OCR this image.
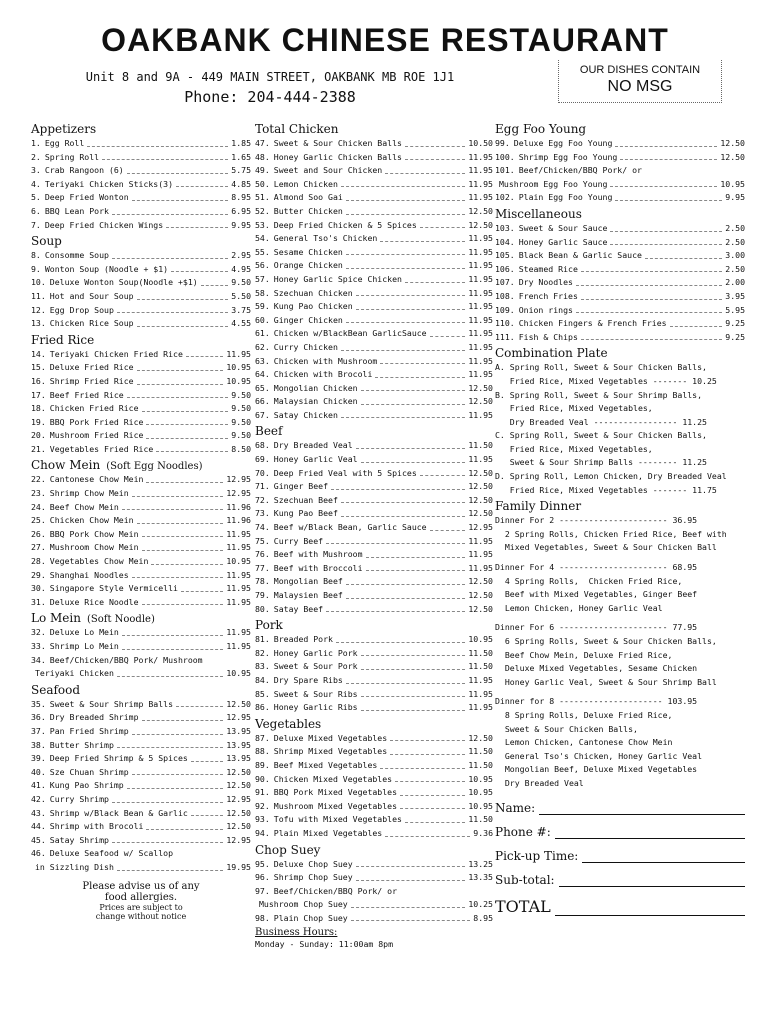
OAKBANK CHINESE RESTAURANT
Unit 8 and 9A - 449 MAIN STREET, OAKBANK MB ROE 1J1
Phone: 204-444-2388
OUR DISHES CONTAIN
NO MSG
Appetizers
1. Egg Roll	1.85
2. Spring Roll	1.65
3. Crab Rangoon (6)	5.75
4. Teriyaki Chicken Sticks(3)	4.85
5. Deep Fried Wonton	8.95
6. BBQ Lean Pork	6.95
7. Deep Fried Chicken Wings	9.95
Soup
8. Consomme Soup	2.95
9. Wonton Soup (Noodle + $1)	4.95
10. Deluxe Wonton Soup(Noodle +$1)	9.50
11. Hot and Sour Soup	5.50
12. Egg Drop Soup	3.75
13. Chicken Rice Soup	4.55
Fried Rice
14. Teriyaki Chicken Fried Rice	11.95
15. Deluxe Fried Rice	10.95
16. Shrimp Fried Rice	10.95
17. Beef Fried Rice	9.50
18. Chicken Fried Rice	9.50
19. BBQ Pork Fried Rice	9.50
20. Mushroom Fried Rice	9.50
21. Vegetables Fried Rice	8.50
Chow Mein (Soft Egg Noodles)
22. Cantonese Chow Mein	12.95
23. Shrimp Chow Mein	12.95
24. Beef Chow Mein	11.96
25. Chicken Chow Mein	11.96
26. BBQ Pork Chow Mein	11.95
27. Mushroom Chow Mein	11.95
28. Vegetables Chow Mein	10.95
29. Shanghai Noodles	11.95
30. Singapore Style Vermicelli	11.95
31. Deluxe Rice Noodle	11.95
Lo Mein (Soft Noodle)
32. Deluxe Lo Mein	11.95
33. Shrimp Lo Mein	11.95
34. Beef/Chicken/BBQ Pork/ Mushroom
Teriyaki Chicken	10.95
Seafood
35. Sweet & Sour Shrimp Balls	12.50
36. Dry Breaded Shrimp	12.95
37. Pan Fried Shrimp	13.95
38. Butter Shrimp	13.95
39. Deep Fried Shrimp & 5 Spices	13.95
40. Sze Chuan Shrimp	12.50
41. Kung Pao Shrimp	12.50
42. Curry Shrimp	12.95
43. Shrimp w/Black Bean & Garlic	12.50
44. Shrimp with Brocoli	12.50
45. Satay Shrimp	12.95
46. Deluxe Seafood w/ Scallop
in Sizzling Dish	19.95
Please advise us of any
food allergies.
Prices are subject to
change without notice
Total Chicken
47. Sweet & Sour Chicken Balls	10.50
48. Honey Garlic Chicken Balls	11.95
49. Sweet and Sour Chicken	11.95
50. Lemon Chicken	11.95
51. Almond Soo Gai	11.95
52. Butter Chicken	12.50
53. Deep Fried Chicken & 5 Spices	12.50
54. General Tso's Chicken	11.95
55. Sesame Chicken	11.95
56. Orange Chicken	11.95
57. Honey Garlic Spice Chicken	11.95
58. Szechuan Chicken	11.95
59. Kung Pao Chicken	11.95
60. Ginger Chicken	11.95
61. Chicken w/BlackBean GarlicSauce	11.95
62. Curry Chicken	11.95
63. Chicken with Mushroom	11.95
64. Chicken with Brocoli	11.95
65. Mongolian Chicken	12.50
66. Malaysian Chicken	12.50
67. Satay Chicken	11.95
Beef
68. Dry Breaded Veal	11.50
69. Honey Garlic Veal	11.95
70. Deep Fried Veal with 5 Spices	12.50
71. Ginger Beef	12.50
72. Szechuan Beef	12.50
73. Kung Pao Beef	12.50
74. Beef w/Black Bean, Garlic Sauce	12.95
75. Curry Beef	11.95
76. Beef with Mushroom	11.95
77. Beef with Broccoli	11.95
78. Mongolian Beef	12.50
79. Malaysien Beef	12.50
80. Satay Beef	12.50
Pork
81. Breaded Pork	10.95
82. Honey Garlic Pork	11.50
83. Sweet & Sour Pork	11.50
84. Dry Spare Ribs	11.95
85. Sweet & Sour Ribs	11.95
86. Honey Garlic Ribs	11.95
Vegetables
87. Deluxe Mixed Vegetables	12.50
88. Shrimp Mixed Vegetables	11.50
89. Beef Mixed Vegetables	11.50
90. Chicken Mixed Vegetables	10.95
91. BBQ Pork Mixed Vegetables	10.95
92. Mushroom Mixed Vegetables	10.95
93. Tofu with Mixed Vegetables	11.50
94. Plain Mixed Vegetables	9.36
Chop Suey
95. Deluxe Chop Suey	13.25
96. Shrimp Chop Suey	13.35
97. Beef/Chicken/BBQ Pork/ or
Mushroom Chop Suey	10.25
98. Plain Chop Suey	8.95
Business Hours:
Monday - Sunday: 11:00am 8pm
Egg Foo Young
99. Deluxe Egg Foo Young	12.50
100. Shrimp Egg Foo Young	12.50
101. Beef/Chicken/BBQ Pork/ or
Mushroom Egg Foo Young	10.95
102. Plain Egg Foo Young	9.95
Miscellaneous
103. Sweet & Sour Sauce	2.50
104. Honey Garlic Sauce	2.50
105. Black Bean & Garlic Sauce	3.00
106. Steamed Rice	2.50
107. Dry Noodles	2.00
108. French Fries	3.95
109. Onion rings	5.95
110. Chicken Fingers & French Fries	9.25
111. Fish & Chips	9.25
Combination Plate
A. Spring Roll, Sweet & Sour Chicken Balls,
Fried Rice, Mixed Vegetables ------- 10.25
B. Spring Roll, Sweet & Sour Shrimp Balls,
Fried Rice, Mixed Vegetables,
Dry Breaded Veal ----------------- 11.25
C. Spring Roll, Sweet & Sour Chicken Balls,
Fried Rice, Mixed Vegetables,
Sweet & Sour Shrimp Balls -------- 11.25
D. Spring Roll, Lemon Chicken, Dry Breaded Veal
Fried Rice, Mixed Vegetables ------- 11.75
Family Dinner
Dinner For 2 ---------------------- 36.95
2 Spring Rolls, Chicken Fried Rice, Beef with
Mixed Vegetables, Sweet & Sour Chicken Ball
Dinner For 4 ---------------------- 68.95
4 Spring Rolls,  Chicken Fried Rice,
Beef with Mixed Vegetables, Ginger Beef
Lemon Chicken, Honey Garlic Veal
Dinner For 6 ---------------------- 77.95
6 Spring Rolls, Sweet & Sour Chicken Balls,
Beef Chow Mein, Deluxe Fried Rice,
Deluxe Mixed Vegetables, Sesame Chicken
Honey Garlic Veal, Sweet & Sour Shrimp Ball
Dinner for 8 --------------------- 103.95
8 Spring Rolls, Deluxe Fried Rice,
Sweet & Sour Chicken Balls,
Lemon Chicken, Cantonese Chow Mein
General Tso's Chicken, Honey Garlic Veal
Mongolian Beef, Deluxe Mixed Vegetables
Dry Breaded Veal
Name:
Phone #:
Pick-up Time:
Sub-total:
TOTAL
